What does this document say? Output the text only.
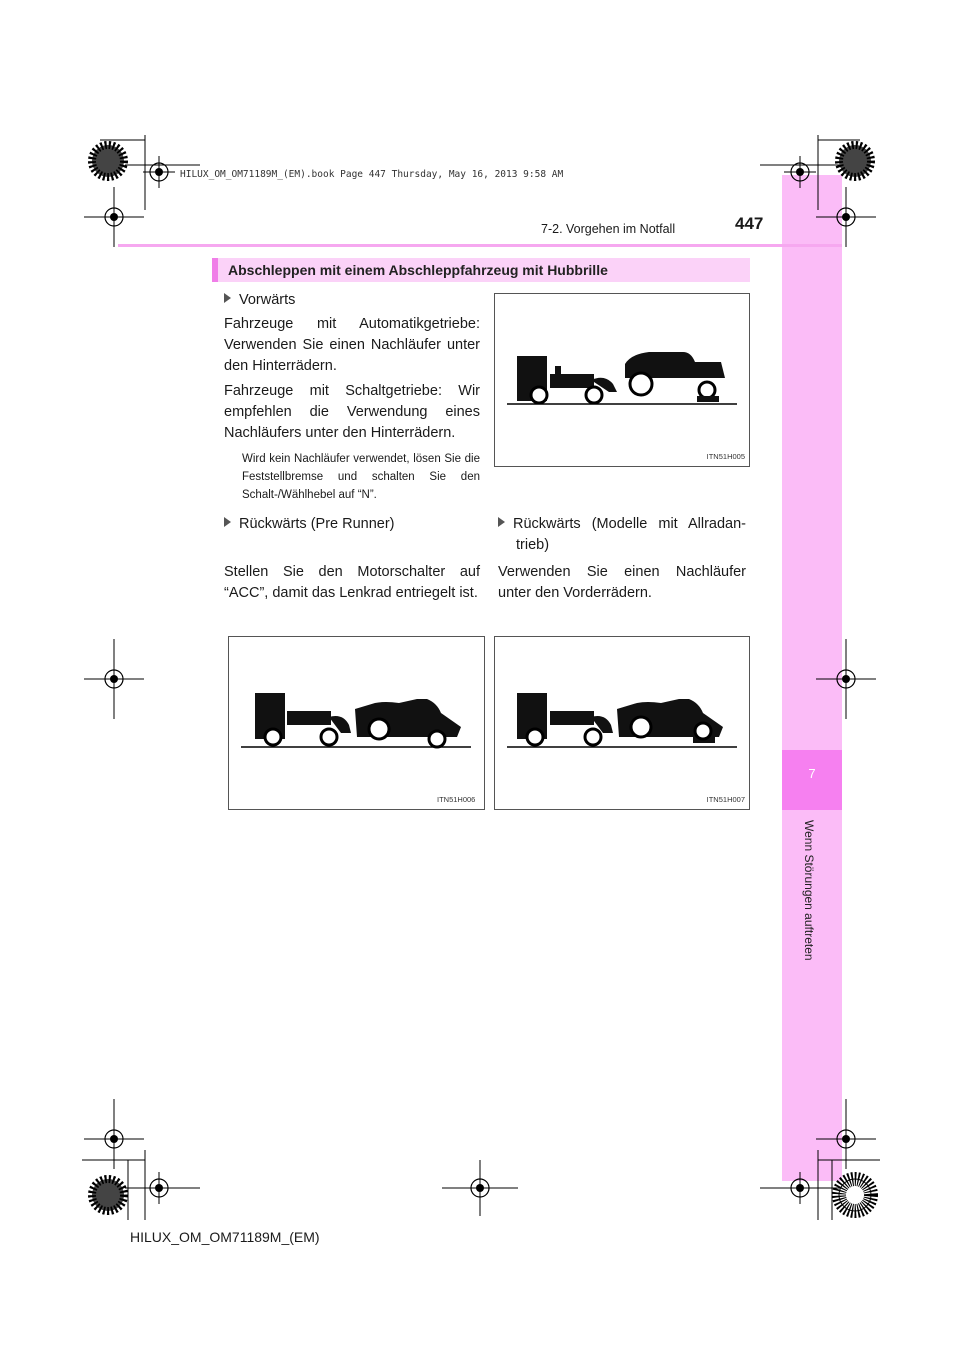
7
Wenn Störungen auftreten
HILUX_OM_OM71189M_(EM).book Page 447 Thursday, May 16, 2013 9:58 AM
7-2. Vorgehen im Notfall	447
Abschleppen mit einem Abschleppfahrzeug mit Hubbrille
Vorwärts
Fahrzeuge mit Automatikgetriebe: Verwenden Sie einen Nachläufer unter den Hinterrädern.
Fahrzeuge mit Schaltgetriebe: Wir empfehlen die Verwendung eines Nachläufers unter den Hinterrädern.
Wird kein Nachläufer verwendet, lösen Sie die Feststellbremse und schalten Sie den Schalt-/Wählhebel auf “N”.
ITN51H005
Rückwärts (Pre Runner)
Stellen Sie den Motorschalter auf “ACC”, damit das Lenkrad entriegelt ist.
Rückwärts (Modelle mit Allradan-trieb)
Verwenden Sie einen Nachläufer unter den Vorderrädern.
ITN51H006	ITN51H007
HILUX_OM_OM71189M_(EM)
